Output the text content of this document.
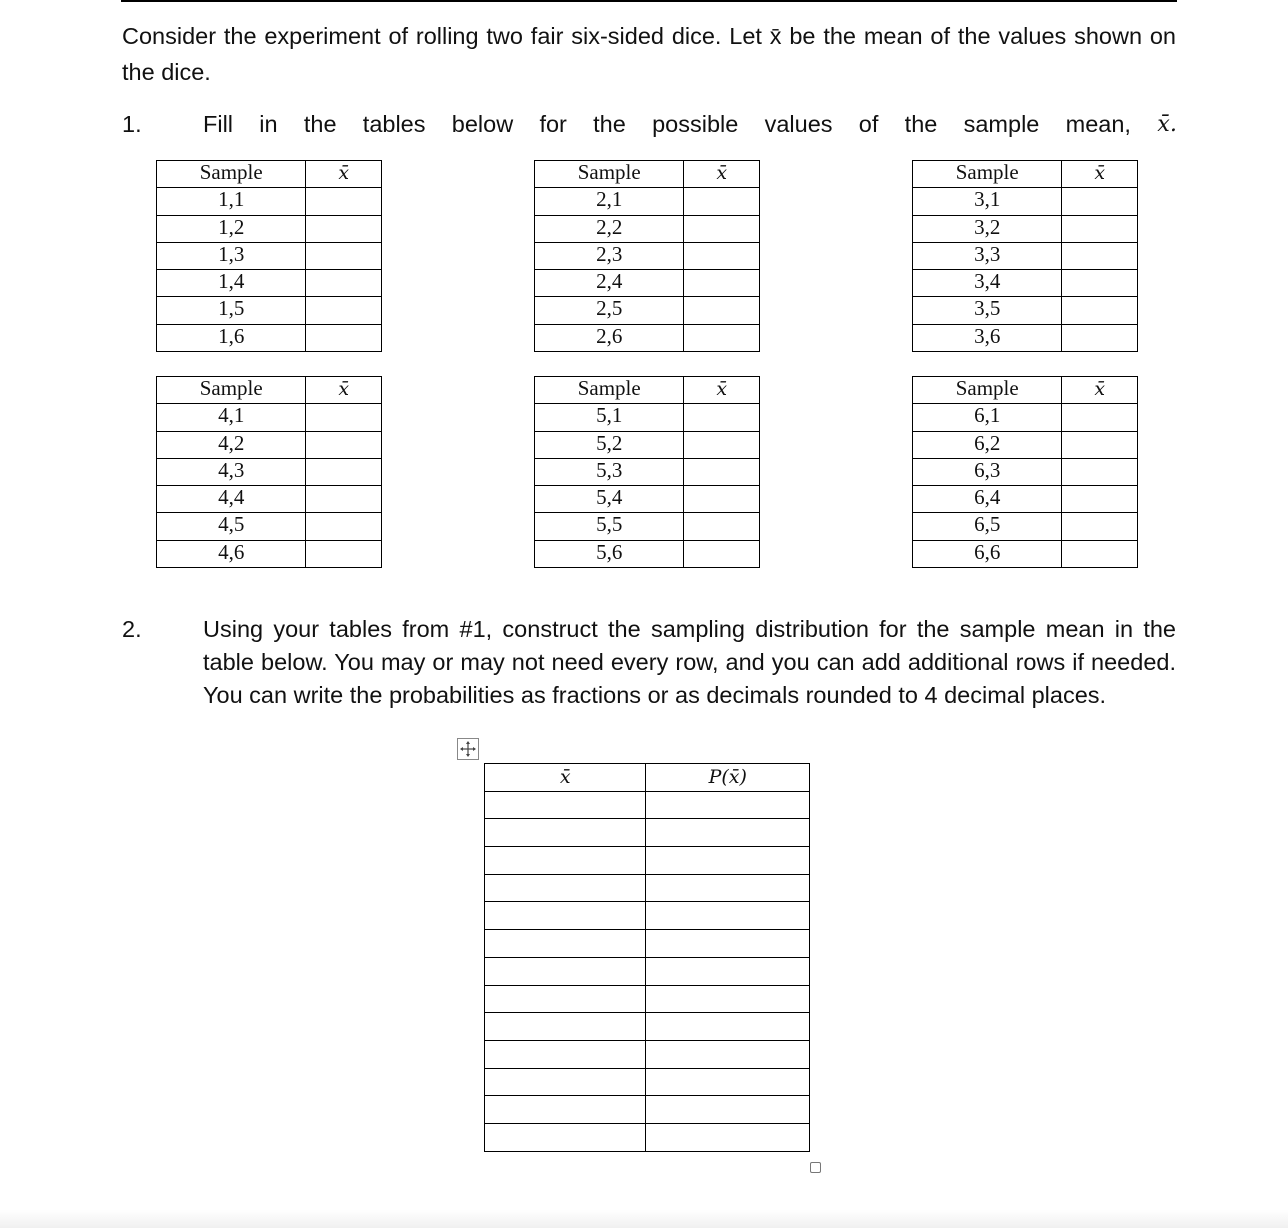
Consider the experiment of rolling two fair six-sided dice. Let x̄ be the mean of the values shown on the dice.
1.	Fill in the tables below for the possible values of the sample mean, x̄.
Sample	x̄
1,1	
1,2	
1,3	
1,4	
1,5	
1,6	
Sample	x̄
2,1	
2,2	
2,3	
2,4	
2,5	
2,6	
Sample	x̄
3,1	
3,2	
3,3	
3,4	
3,5	
3,6	
Sample	x̄
4,1	
4,2	
4,3	
4,4	
4,5	
4,6	
Sample	x̄
5,1	
5,2	
5,3	
5,4	
5,5	
5,6	
Sample	x̄
6,1	
6,2	
6,3	
6,4	
6,5	
6,6	
2.	Using your tables from #1, construct the sampling distribution for the sample mean in the table below. You may or may not need every row, and you can add additional rows if needed. You can write the probabilities as fractions or as decimals rounded to 4 decimal places.
x̄	P(x̄)
